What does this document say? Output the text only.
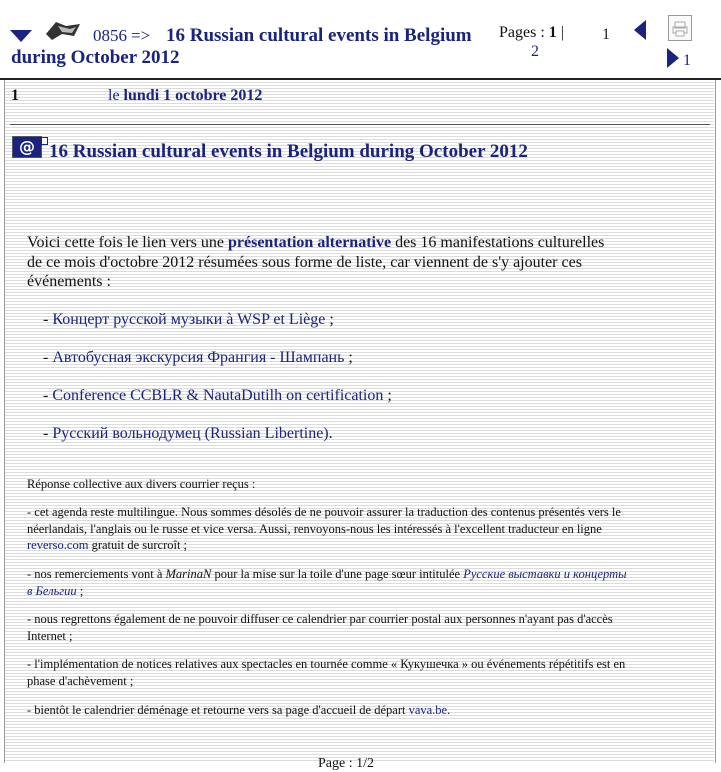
0856 => 16 Russian cultural events in Belgium during October 2012
Pages : 1 | 1
2
1
1	le lundi 1 octobre 2012
@ 16 Russian cultural events in Belgium during October 2012
Voici cette fois le lien vers une présentation alternative des 16 manifestations culturelles de ce mois d'octobre 2012 résumées sous forme de liste, car viennent de s'y ajouter ces événements :
- Концерт русской музыки à WSP et Liège ;
- Автобусная экскурсия Франгия - Шампань ;
- Conference CCBLR & NautaDutilh on certification ;
- Русский вольнодумец (Russian Libertine).
Réponse collective aux divers courrier reçus :
- cet agenda reste multilingue. Nous sommes désolés de ne pouvoir assurer la traduction des contenus présentés vers le néerlandais, l'anglais ou le russe et vice versa. Aussi, renvoyons-nous les intéressés à l'excellent traducteur en ligne reverso.com gratuit de surcroît ;
- nos remerciements vont à MarinaN pour la mise sur la toile d'une page sœur intitulée Русские выставки и концерты в Бельгии ;
- nous regrettons également de ne pouvoir diffuser ce calendrier par courrier postal aux personnes n'ayant pas d'accès Internet ;
- l'implémentation de notices relatives aux spectacles en tournée comme « Кукушечка » ou événements répétitifs est en phase d'achèvement ;
- bientôt le calendrier déménage et retourne vers sa page d'accueil de départ vava.be.
Page : 1/2
